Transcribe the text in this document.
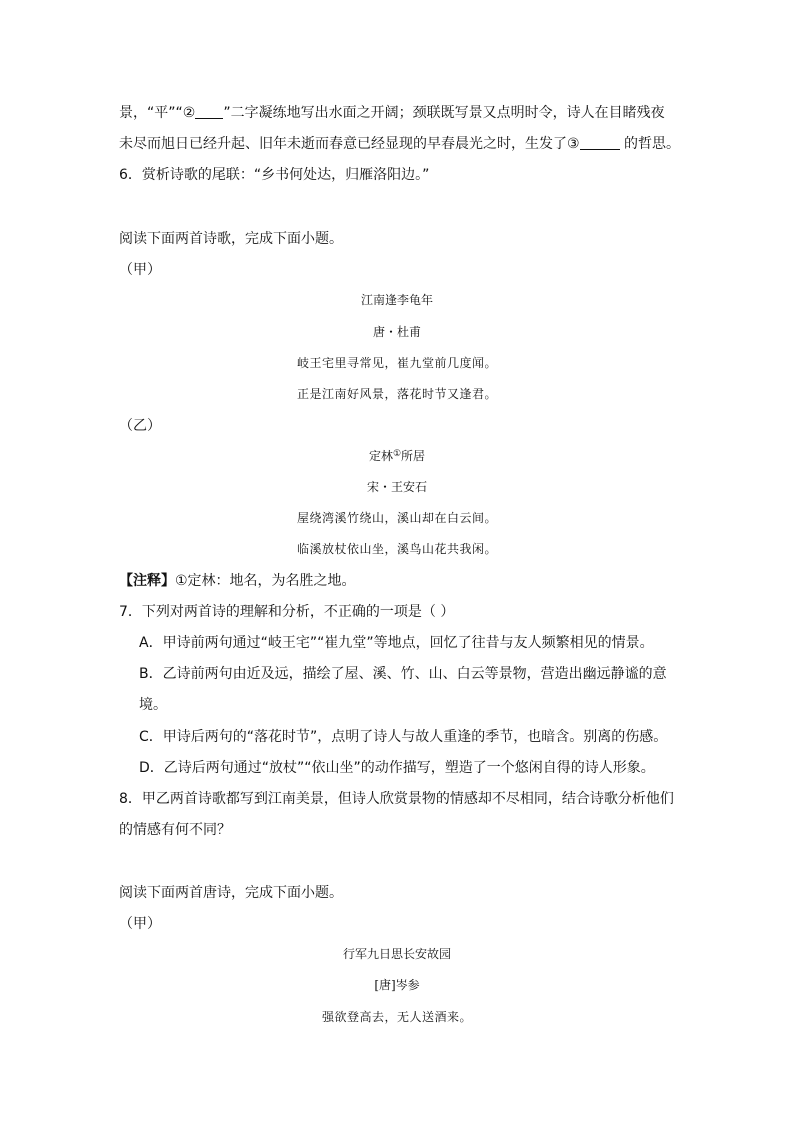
景，“平”“② ”二字凝练地写出水面之开阔；颈联既写景又点明时令，诗人在目睹残夜
未尽而旭日已经升起、旧年未逝而春意已经显现的早春晨光之时，生发了③	的哲思。
6．赏析诗歌的尾联：“乡书何处达，归雁洛阳边。”
阅读下面两首诗歌，完成下面小题。
（甲）
江南逢李龟年
唐・杜甫
岐王宅里寻常见，崔九堂前几度闻。
正是江南好风景，落花时节又逢君。
（乙）
定林①所居
宋・王安石
屋绕湾溪竹绕山，溪山却在白云间。
临溪放杖依山坐，溪鸟山花共我闲。
【注释】①定林：地名，为名胜之地。
7．下列对两首诗的理解和分析，不正确的一项是（ ）
A．甲诗前两句通过“岐王宅”“崔九堂”等地点，回忆了往昔与友人频繁相见的情景。
B．乙诗前两句由近及远，描绘了屋、溪、竹、山、白云等景物，营造出幽远静谧的意
境。
C．甲诗后两句的“落花时节”，点明了诗人与故人重逢的季节，也暗含。别离的伤感。
D．乙诗后两句通过“放杖”“依山坐”的动作描写，塑造了一个悠闲自得的诗人形象。
8．甲乙两首诗歌都写到江南美景，但诗人欣赏景物的情感却不尽相同，结合诗歌分析他们
的情感有何不同？
阅读下面两首唐诗，完成下面小题。
（甲）
行军九日思长安故园
[唐]岑参
强欲登高去，无人送酒来。
